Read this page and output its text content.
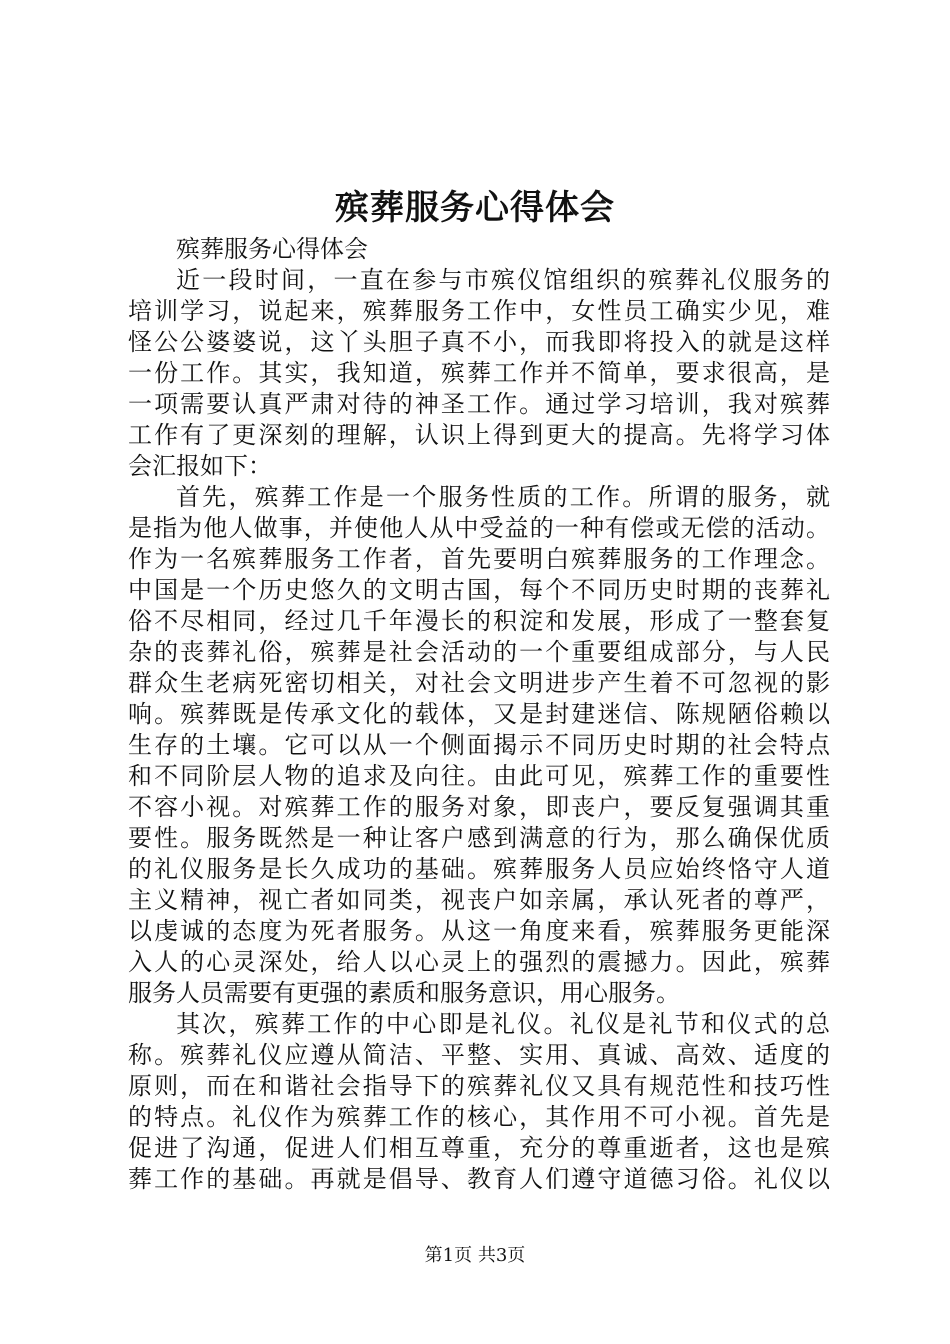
殡葬服务心得体会
殡葬服务心得体会
近一段时间，一直在参与市殡仪馆组织的殡葬礼仪服务的
培训学习，说起来，殡葬服务工作中，女性员工确实少见，难
怪公公婆婆说，这丫头胆子真不小，而我即将投入的就是这样
一份工作。其实，我知道，殡葬工作并不简单，要求很高，是
一项需要认真严肃对待的神圣工作。通过学习培训，我对殡葬
工作有了更深刻的理解，认识上得到更大的提高。先将学习体
会汇报如下：
首先，殡葬工作是一个服务性质的工作。所谓的服务，就
是指为他人做事，并使他人从中受益的一种有偿或无偿的活动。
作为一名殡葬服务工作者，首先要明白殡葬服务的工作理念。
中国是一个历史悠久的文明古国，每个不同历史时期的丧葬礼
俗不尽相同，经过几千年漫长的积淀和发展，形成了一整套复
杂的丧葬礼俗，殡葬是社会活动的一个重要组成部分，与人民
群众生老病死密切相关，对社会文明进步产生着不可忽视的影
响。殡葬既是传承文化的载体，又是封建迷信、陈规陋俗赖以
生存的土壤。它可以从一个侧面揭示不同历史时期的社会特点
和不同阶层人物的追求及向往。由此可见，殡葬工作的重要性
不容小视。对殡葬工作的服务对象，即丧户，要反复强调其重
要性。服务既然是一种让客户感到满意的行为，那么确保优质
的礼仪服务是长久成功的基础。殡葬服务人员应始终恪守人道
主义精神，视亡者如同类，视丧户如亲属，承认死者的尊严，
以虔诚的态度为死者服务。从这一角度来看，殡葬服务更能深
入人的心灵深处，给人以心灵上的强烈的震撼力。因此，殡葬
服务人员需要有更强的素质和服务意识，用心服务。
其次，殡葬工作的中心即是礼仪。礼仪是礼节和仪式的总
称。殡葬礼仪应遵从简洁、平整、实用、真诚、高效、适度的
原则，而在和谐社会指导下的殡葬礼仪又具有规范性和技巧性
的特点。礼仪作为殡葬工作的核心，其作用不可小视。首先是
促进了沟通，促进人们相互尊重，充分的尊重逝者，这也是殡
葬工作的基础。再就是倡导、教育人们遵守道德习俗。礼仪以
第1页 共3页
